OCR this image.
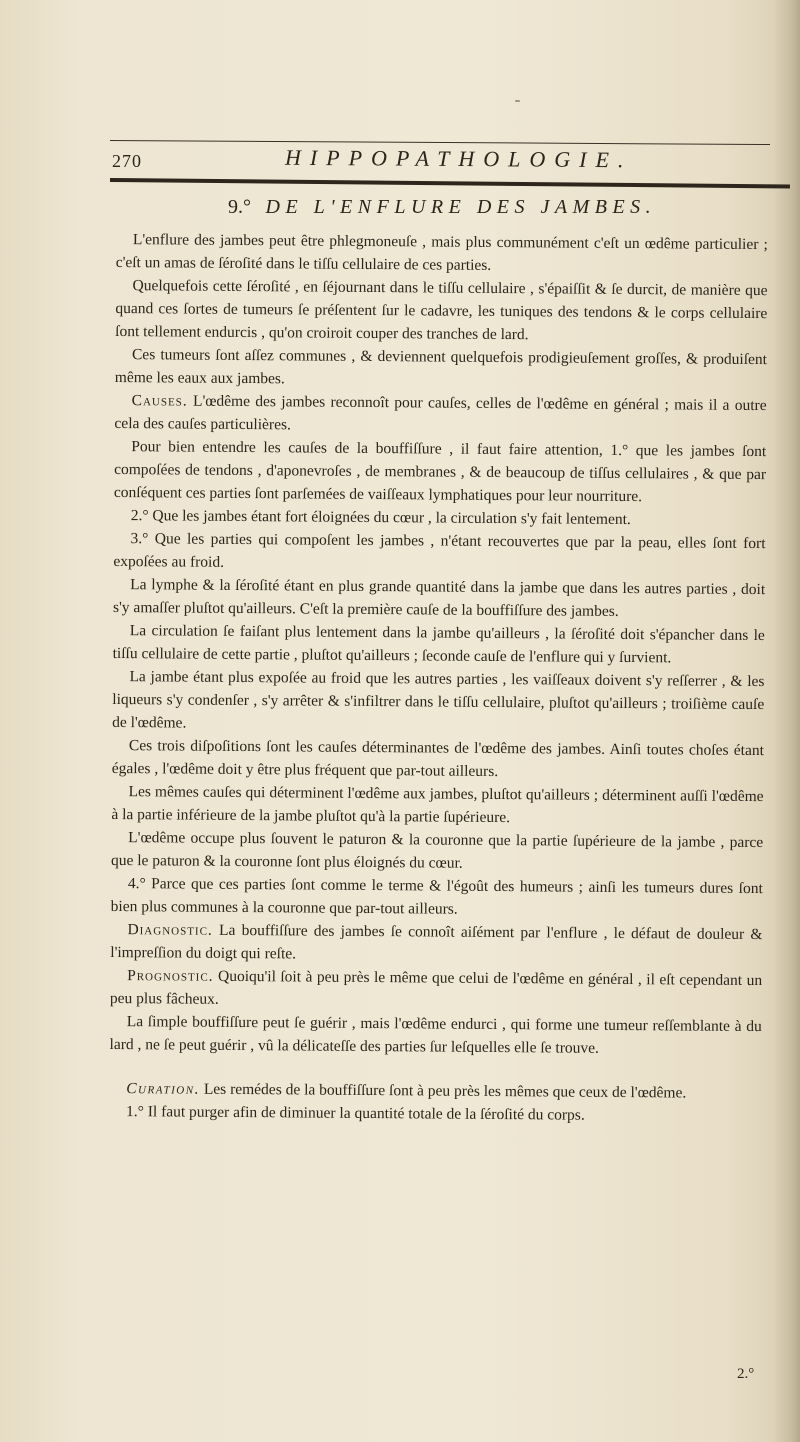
270	HIPPOPATHOLOGIE.
9.° DE L'ENFLURE DES JAMBES.

L'enflure des jambes peut être phlegmoneuſe , mais plus communément c'eſt un œdême particulier ; c'eſt un amas de ſéroſité dans le tiſſu cellulaire de ces parties.

Quelquefois cette ſéroſité , en ſéjournant dans le tiſſu cellulaire , s'épaiſſit & ſe durcit, de manière que quand ces ſortes de tumeurs ſe préſentent ſur le cadavre, les tuniques des tendons & le corps cellulaire ſont tellement endurcis , qu'on croiroit couper des tranches de lard.

Ces tumeurs ſont aſſez communes , & deviennent quelquefois prodigieuſement groſſes, & produiſent même les eaux aux jambes.

Causes. L'œdême des jambes reconnoît pour cauſes, celles de l'œdême en général ; mais il a outre cela des cauſes particulières.

Pour bien entendre les cauſes de la bouffiſſure , il faut faire attention, 1.° que les jambes ſont compoſées de tendons , d'aponevroſes , de membranes , & de beaucoup de tiſſus cellulaires , & que par conſéquent ces parties ſont parſemées de vaiſſeaux lymphatiques pour leur nourriture.

2.° Que les jambes étant fort éloignées du cœur , la circulation s'y fait lentement.

3.° Que les parties qui compoſent les jambes , n'étant recouvertes que par la peau, elles ſont fort expoſées au froid.

La lymphe & la ſéroſité étant en plus grande quantité dans la jambe que dans les autres parties , doit s'y amaſſer pluſtot qu'ailleurs. C'eſt la première cauſe de la bouffiſſure des jambes.

La circulation ſe faiſant plus lentement dans la jambe qu'ailleurs , la ſéroſité doit s'épancher dans le tiſſu cellulaire de cette partie , pluſtot qu'ailleurs ; ſeconde cauſe de l'enflure qui y ſurvient.

La jambe étant plus expoſée au froid que les autres parties , les vaiſſeaux doivent s'y reſſerrer , & les liqueurs s'y condenſer , s'y arrêter & s'infiltrer dans le tiſſu cellulaire, pluſtot qu'ailleurs ; troiſième cauſe de l'œdême.

Ces trois diſpoſitions ſont les cauſes déterminantes de l'œdême des jambes. Ainſi toutes choſes étant égales , l'œdême doit y être plus fréquent que par-tout ailleurs.

Les mêmes cauſes qui déterminent l'œdême aux jambes, pluſtot qu'ailleurs ; déterminent auſſi l'œdême à la partie inférieure de la jambe pluſtot qu'à la partie ſupérieure.

L'œdême occupe plus ſouvent le paturon & la couronne que la partie ſupérieure de la jambe , parce que le paturon & la couronne ſont plus éloignés du cœur.

4.° Parce que ces parties ſont comme le terme & l'égoût des humeurs ; ainſi les tumeurs dures ſont bien plus communes à la couronne que par-tout ailleurs.

Diagnostic. La bouffiſſure des jambes ſe connoît aiſément par l'enflure , le défaut de douleur & l'impreſſion du doigt qui reſte.

Prognostic. Quoiqu'il ſoit à peu près le même que celui de l'œdême en général , il eſt cependant un peu plus fâcheux.

La ſimple bouffiſſure peut ſe guérir , mais l'œdême endurci , qui forme une tumeur reſſemblante à du lard , ne ſe peut guérir , vû la délicateſſe des parties ſur leſquelles elle ſe trouve.

Curation. Les remédes de la bouffiſſure ſont à peu près les mêmes que ceux de l'œdême.

1.° Il faut purger afin de diminuer la quantité totale de la ſéroſité du corps.

2.°
